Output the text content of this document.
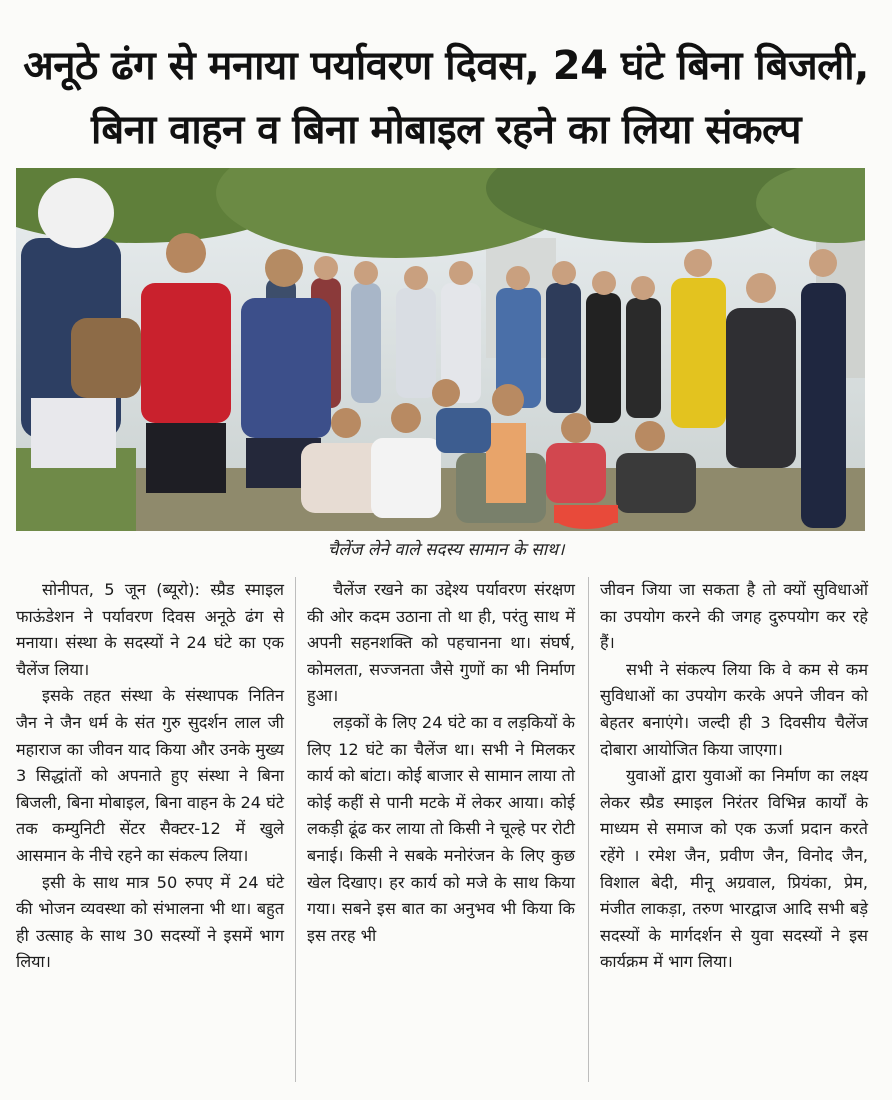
अनूठे ढंग से मनाया पर्यावरण दिवस, 24 घंटे बिना बिजली,
बिना वाहन व बिना मोबाइल रहने का लिया संकल्प
चैलेंज लेने वाले सदस्य सामान के साथ।

सोनीपत, 5 जून (ब्यूरो): स्प्रैड स्माइल फाऊंडेशन ने पर्यावरण दिवस अनूठे ढंग से मनाया। संस्था के सदस्यों ने 24 घंटे का एक चैलेंज लिया।

इसके तहत संस्था के संस्थापक नितिन जैन ने जैन धर्म के संत गुरु सुदर्शन लाल जी महाराज का जीवन याद किया और उनके मुख्य 3 सिद्धांतों को अपनाते हुए संस्था ने बिना बिजली, बिना मोबाइल, बिना वाहन के 24 घंटे तक कम्युनिटी सेंटर सैक्टर-12 में खुले आसमान के नीचे रहने का संकल्प लिया।

इसी के साथ मात्र 50 रुपए में 24 घंटे की भोजन व्यवस्था को संभालना भी था। बहुत ही उत्साह के साथ 30 सदस्यों ने इसमें भाग लिया।

चैलेंज रखने का उद्देश्य पर्यावरण संरक्षण की ओर कदम उठाना तो था ही, परंतु साथ में अपनी सहनशक्ति को पहचानना था। संघर्ष, कोमलता, सज्जनता जैसे गुणों का भी निर्माण हुआ।

लड़कों के लिए 24 घंटे का व लड़कियों के लिए 12 घंटे का चैलेंज था। सभी ने मिलकर कार्य को बांटा। कोई बाजार से सामान लाया तो कोई कहीं से पानी मटके में लेकर आया। कोई लकड़ी ढूंढ कर लाया तो किसी ने चूल्हे पर रोटी बनाई। किसी ने सबके मनोरंजन के लिए कुछ खेल दिखाए। हर कार्य को मजे के साथ किया गया। सबने इस बात का अनुभव भी किया कि इस तरह भी

जीवन जिया जा सकता है तो क्यों सुविधाओं का उपयोग करने की जगह दुरुपयोग कर रहे हैं।

सभी ने संकल्प लिया कि वे कम से कम सुविधाओं का उपयोग करके अपने जीवन को बेहतर बनाएंगे। जल्दी ही 3 दिवसीय चैलेंज दोबारा आयोजित किया जाएगा।

युवाओं द्वारा युवाओं का निर्माण का लक्ष्य लेकर स्प्रैड स्माइल निरंतर विभिन्न कार्यों के माध्यम से समाज को एक ऊर्जा प्रदान करते रहेंगे । रमेश जैन, प्रवीण जैन, विनोद जैन, विशाल बेदी, मीनू अग्रवाल, प्रियंका, प्रेम, मंजीत लाकड़ा, तरुण भारद्वाज आदि सभी बड़े सदस्यों के मार्गदर्शन से युवा सदस्यों ने इस कार्यक्रम में भाग लिया।
